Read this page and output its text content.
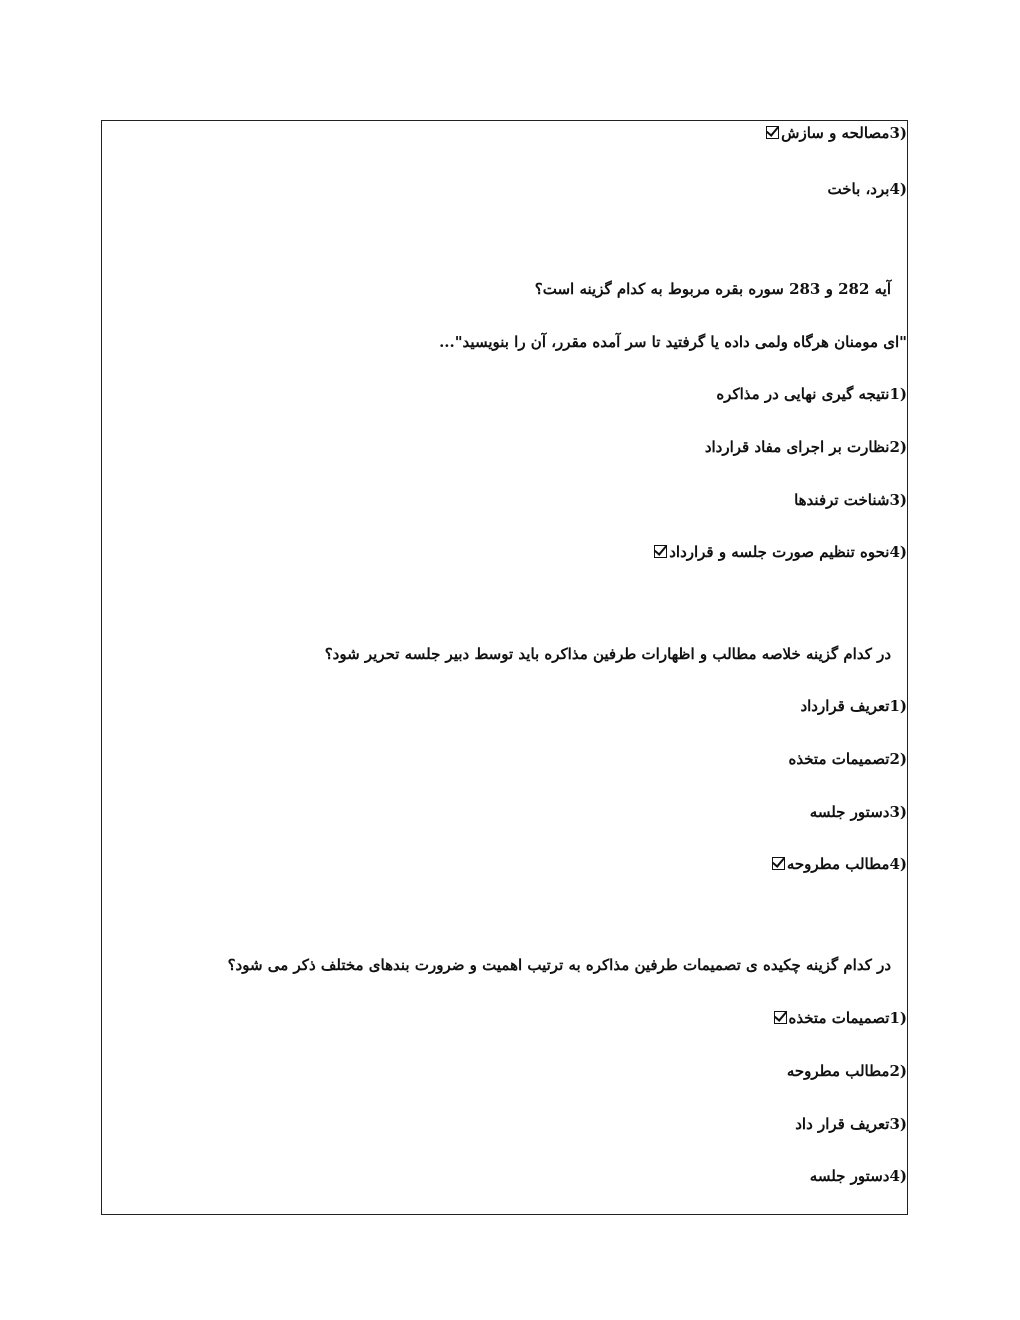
(3مصالحه و سازش
(4برد، باخت
آیه 282 و 283 سوره بقره مربوط به کدام گزینه است؟
"ای مومنان هرگاه ولمی داده یا گرفتید تا سر آمده مقرر، آن را بنویسید"...
(1نتیجه گیری نهایی در مذاکره
(2نظارت بر اجرای مفاد قرارداد
(3شناخت ترفندها
(4نحوه تنظیم صورت جلسه و قرارداد
در کدام گزینه خلاصه مطالب و اظهارات طرفین مذاکره باید توسط دبیر جلسه تحریر شود؟
(1تعریف قرارداد
(2تصمیمات متخذه
(3دستور جلسه
(4مطالب مطروحه
در کدام گزینه چکیده ی تصمیمات طرفین مذاکره به ترتیب اهمیت و ضرورت بندهای مختلف ذکر می شود؟
(1تصمیمات متخذه
(2مطالب مطروحه
(3تعریف قرار داد
(4دستور جلسه
